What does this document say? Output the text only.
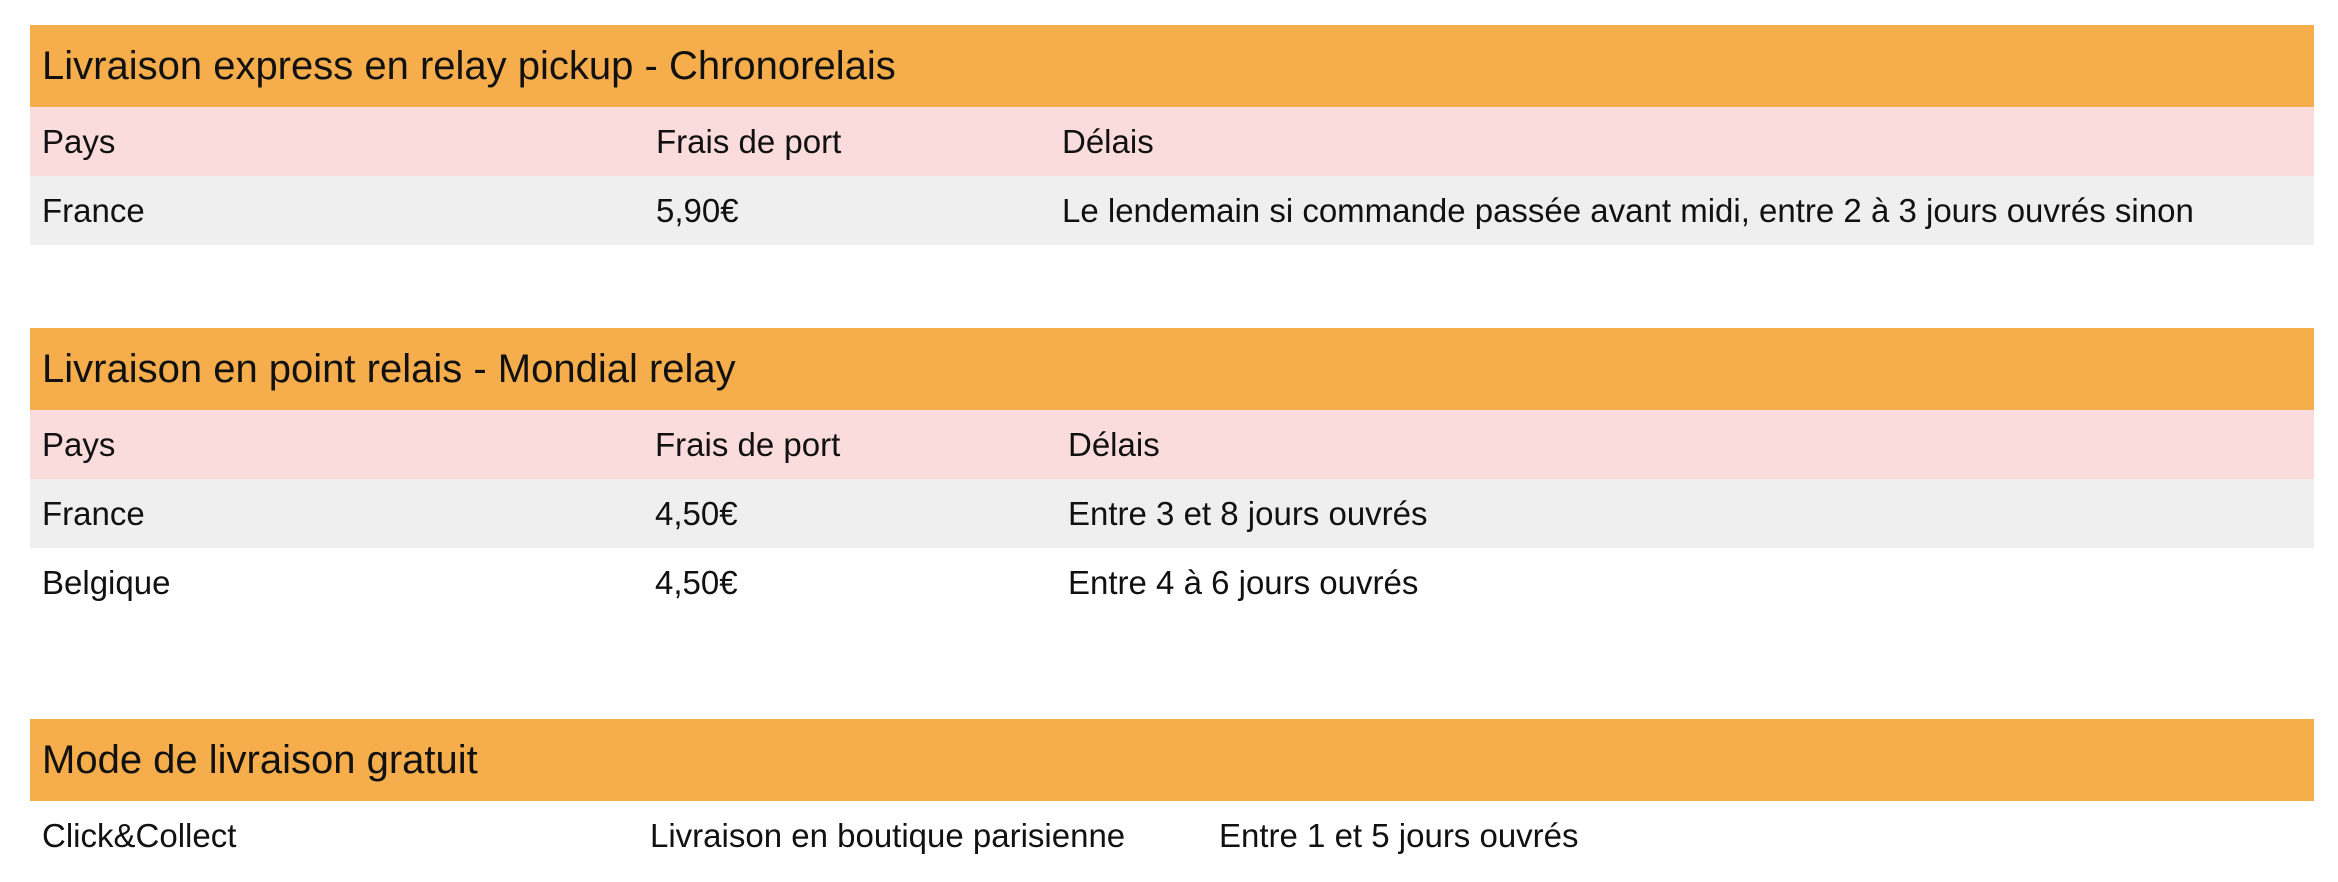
Livraison express en relay pickup - Chronorelais
Pays	Frais de port	Délais
France	5,90€	Le lendemain si commande passée avant midi, entre 2 à 3 jours ouvrés sinon
Livraison en point relais - Mondial relay
Pays	Frais de port	Délais
France	4,50€	Entre 3 et 8 jours ouvrés
Belgique	4,50€	Entre 4 à 6 jours ouvrés
Mode de livraison gratuit
Click&Collect	Livraison en boutique parisienne	Entre 1 et 5 jours ouvrés
